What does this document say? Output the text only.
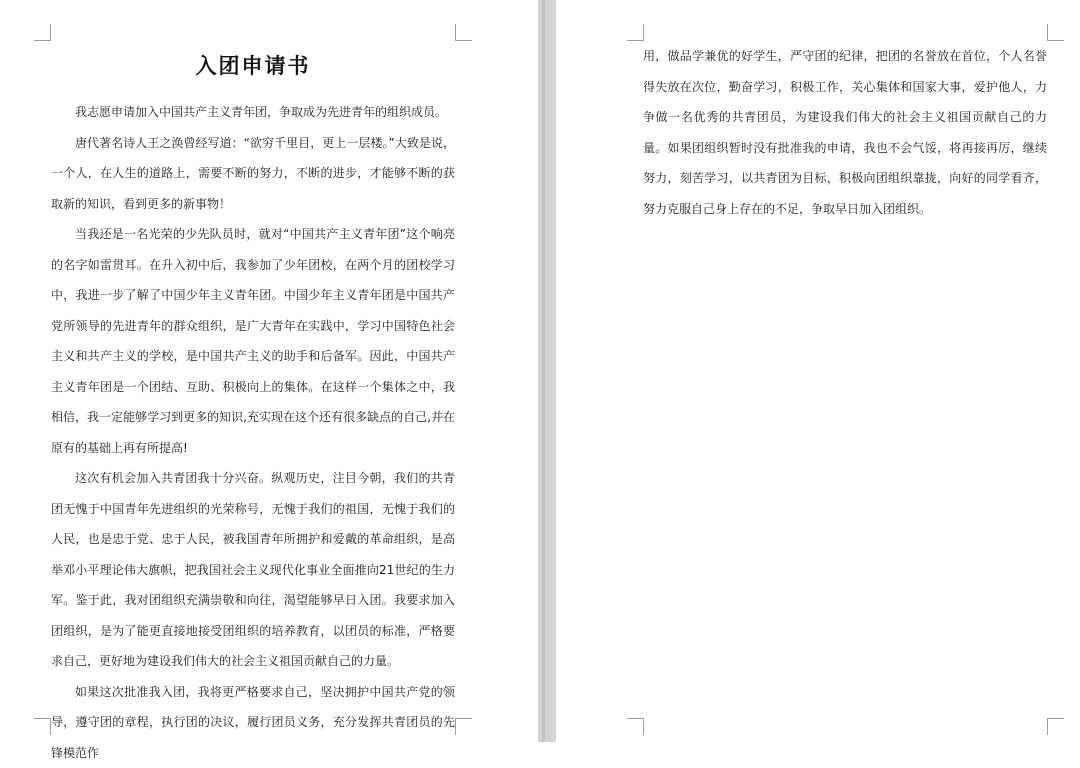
入团申请书

我志愿申请加入中国共产主义青年团，争取成为先进青年的组织成员。

唐代著名诗人王之涣曾经写道：“欲穷千里目，更上一层楼。”大致是说，一个人，在人生的道路上，需要不断的努力，不断的进步，才能够不断的获取新的知识，看到更多的新事物！

当我还是一名光荣的少先队员时，就对“中国共产主义青年团”这个响亮的名字如雷贯耳。在升入初中后，我参加了少年团校，在两个月的团校学习中，我进一步了解了中国少年主义青年团。中国少年主义青年团是中国共产党所领导的先进青年的群众组织，是广大青年在实践中，学习中国特色社会主义和共产主义的学校，是中国共产主义的助手和后备军。因此，中国共产主义青年团是一个团结、互助、积极向上的集体。在这样一个集体之中，我相信，我一定能够学习到更多的知识,充实现在这个还有很多缺点的自己,并在原有的基础上再有所提高!

这次有机会加入共青团我十分兴奋。纵观历史，注目今朝，我们的共青团无愧于中国青年先进组织的光荣称号，无愧于我们的祖国，无愧于我们的人民，也是忠于党、忠于人民，被我国青年所拥护和爱戴的革命组织，是高举邓小平理论伟大旗帜，把我国社会主义现代化事业全面推向21世纪的生力军。鉴于此，我对团组织充满崇敬和向往，渴望能够早日入团。我要求加入团组织，是为了能更直接地接受团组织的培养教育，以团员的标准，严格要求自己，更好地为建设我们伟大的社会主义祖国贡献自己的力量。

如果这次批准我入团，我将更严格要求自己，坚决拥护中国共产党的领导，遵守团的章程，执行团的决议，履行团员义务，充分发挥共青团员的先锋模范作

用，做品学兼优的好学生，严守团的纪律，把团的名誉放在首位，个人名誉得失放在次位，勤奋学习，积极工作，关心集体和国家大事，爱护他人，力争做一名优秀的共青团员，为建设我们伟大的社会主义祖国贡献自己的力量。如果团组织暂时没有批准我的申请，我也不会气馁，将再接再厉，继续努力，刻苦学习，以共青团为目标，积极向团组织靠拢，向好的同学看齐，努力克服自己身上存在的不足，争取早日加入团组织。
